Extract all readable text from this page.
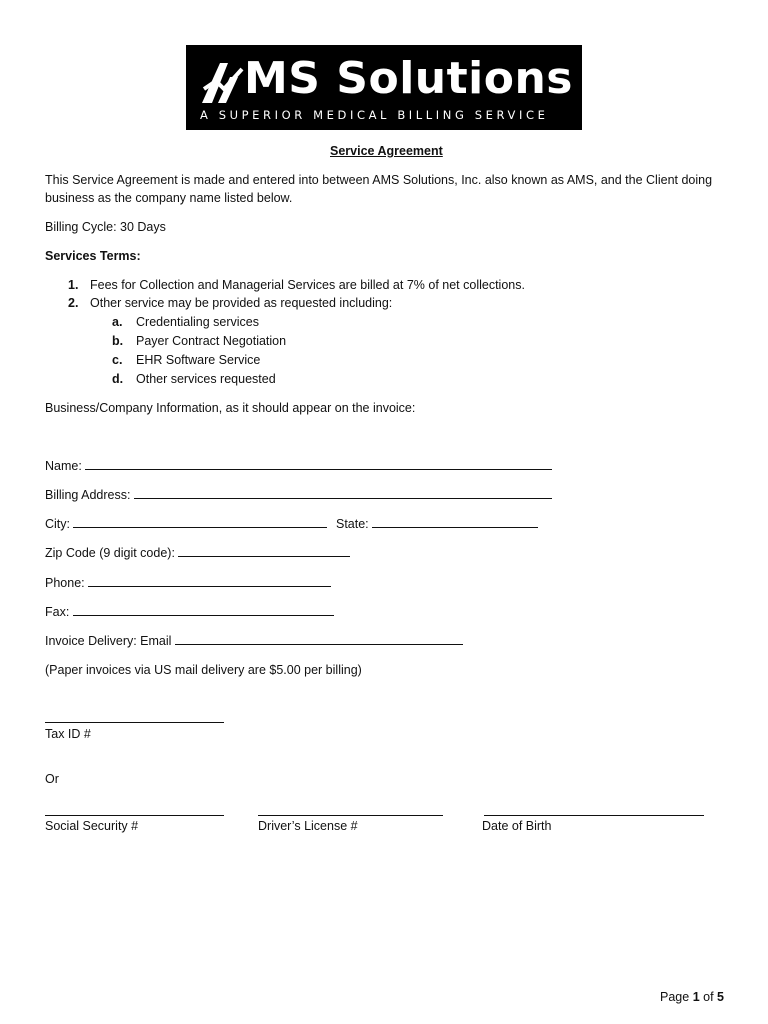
MS Solutions
A SUPERIOR MEDICAL BILLING SERVICE
Service Agreement
This Service Agreement is made and entered into between AMS Solutions, Inc. also known as AMS, and the Client doing
business as the company name listed below.
Billing Cycle: 30 Days
Services Terms:
1. Fees for Collection and Managerial Services are billed at 7% of net collections.
2. Other service may be provided as requested including:
a. Credentialing services
b. Payer Contract Negotiation
c. EHR Software Service
d. Other services requested
Business/Company Information, as it should appear on the invoice:
Name:
Billing Address:
City:	State:
Zip Code (9 digit code):
Phone:
Fax:
Invoice Delivery: Email
(Paper invoices via US mail delivery are $5.00 per billing)
Tax ID #
Or
Social Security #	Driver’s License #	Date of Birth
Page 1 of 5
